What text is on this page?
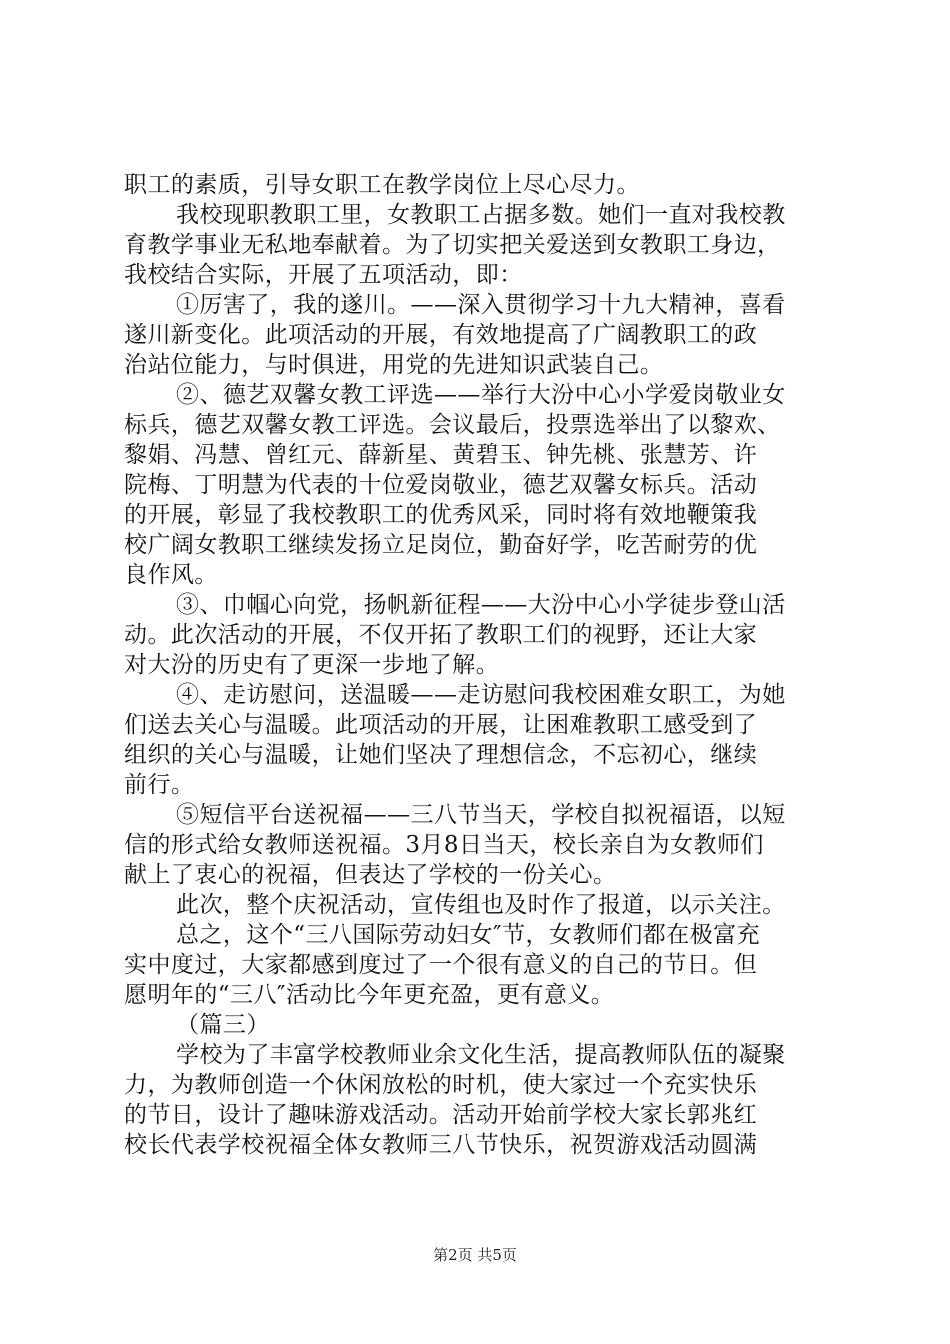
职工的素质，引导女职工在教学岗位上尽心尽力。
我校现职教职工里，女教职工占据多数。她们一直对我校教
育教学事业无私地奉献着。为了切实把关爱送到女教职工身边，
我校结合实际，开展了五项活动，即：
①厉害了，我的遂川。——深入贯彻学习十九大精神，喜看
遂川新变化。此项活动的开展，有效地提高了广阔教职工的政
治站位能力，与时俱进，用党的先进知识武装自己。
②、德艺双馨女教工评选——举行大汾中心小学爱岗敬业女
标兵，德艺双馨女教工评选。会议最后，投票选举出了以黎欢、
黎娟、冯慧、曾红元、薛新星、黄碧玉、钟先桃、张慧芳、许
院梅、丁明慧为代表的十位爱岗敬业，德艺双馨女标兵。活动
的开展，彰显了我校教职工的优秀风采，同时将有效地鞭策我
校广阔女教职工继续发扬立足岗位，勤奋好学，吃苦耐劳的优
良作风。
③、巾帼心向党，扬帆新征程——大汾中心小学徒步登山活
动。此次活动的开展，不仅开拓了教职工们的视野，还让大家
对大汾的历史有了更深一步地了解。
④、走访慰问，送温暖——走访慰问我校困难女职工，为她
们送去关心与温暖。此项活动的开展，让困难教职工感受到了
组织的关心与温暖，让她们坚决了理想信念，不忘初心，继续
前行。
⑤短信平台送祝福——三八节当天，学校自拟祝福语，以短
信的形式给女教师送祝福。3月8日当天，校长亲自为女教师们
献上了衷心的祝福，但表达了学校的一份关心。
此次，整个庆祝活动，宣传组也及时作了报道，以示关注。
总之，这个“三八国际劳动妇女″节，女教师们都在极富充
实中度过，大家都感到度过了一个很有意义的自己的节日。但
愿明年的“三八″活动比今年更充盈，更有意义。
（篇三）
学校为了丰富学校教师业余文化生活，提高教师队伍的凝聚
力，为教师创造一个休闲放松的时机，使大家过一个充实快乐
的节日，设计了趣味游戏活动。活动开始前学校大家长郭兆红
校长代表学校祝福全体女教师三八节快乐，祝贺游戏活动圆满
第2页 共5页
